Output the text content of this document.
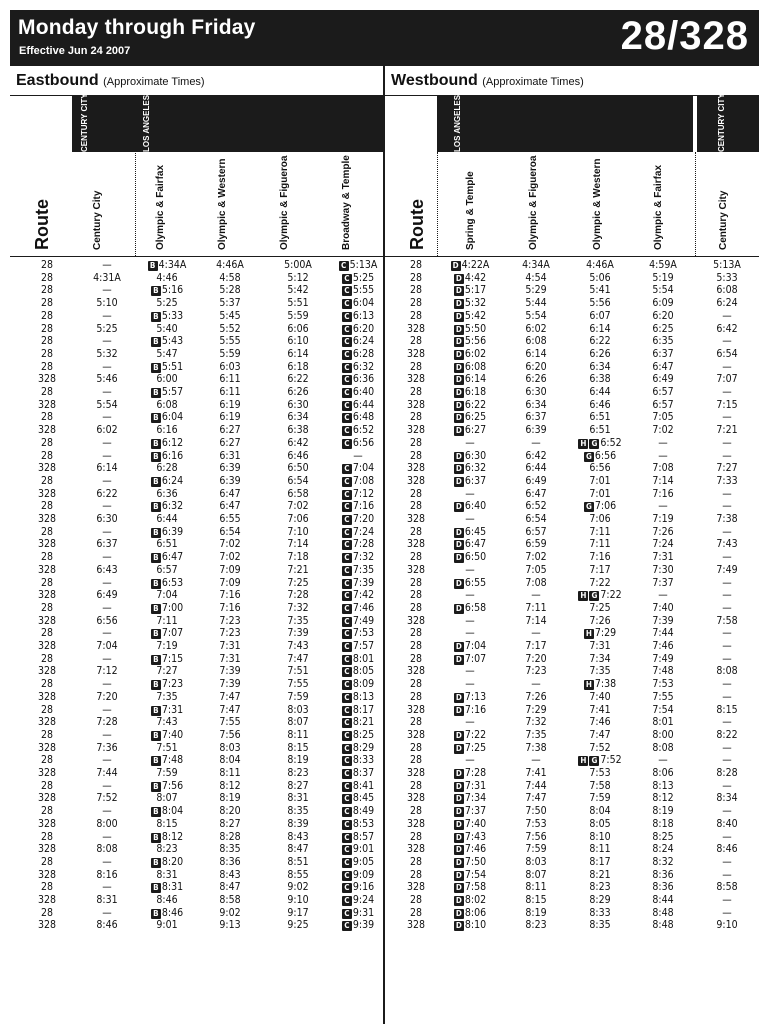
Monday through Friday
Effective Jun 24 2007	28/328
Eastbound (Approximate Times)	Westbound (Approximate Times)
Route
CENTURY CITY	LOS ANGELES
Century City	Olympic & Fairfax	Olympic & Western	Olympic & Figueroa	Broadway & Temple	Route
LOS ANGELES	CENTURY CITY
Spring & Temple	Olympic & Figueroa	Olympic & Western	Olympic & Fairfax	Century City
28	—	B 4:34A	4:46A	5:00A	C 5:13A
28	4:31A	4:46	4:58	5:12	C 5:25
28	—	B 5:16	5:28	5:42	C 5:55
28	5:10	5:25	5:37	5:51	C 6:04
28	—	B 5:33	5:45	5:59	C 6:13
28	5:25	5:40	5:52	6:06	C 6:20
28	—	B 5:43	5:55	6:10	C 6:24
28	5:32	5:47	5:59	6:14	C 6:28
28	—	B 5:51	6:03	6:18	C 6:32
328	5:46	6:00	6:11	6:22	C 6:36
28	—	B 5:57	6:11	6:26	C 6:40
328	5:54	6:08	6:19	6:30	C 6:44
28	—	B 6:04	6:19	6:34	C 6:48
328	6:02	6:16	6:27	6:38	C 6:52
28	—	B 6:12	6:27	6:42	C 6:56
28	—	B 6:16	6:31	6:46	—
328	6:14	6:28	6:39	6:50	C 7:04
28	—	B 6:24	6:39	6:54	C 7:08
328	6:22	6:36	6:47	6:58	C 7:12
28	—	B 6:32	6:47	7:02	C 7:16
328	6:30	6:44	6:55	7:06	C 7:20
28	—	B 6:39	6:54	7:10	C 7:24
328	6:37	6:51	7:02	7:14	C 7:28
28	—	B 6:47	7:02	7:18	C 7:32
328	6:43	6:57	7:09	7:21	C 7:35
28	—	B 6:53	7:09	7:25	C 7:39
328	6:49	7:04	7:16	7:28	C 7:42
28	—	B 7:00	7:16	7:32	C 7:46
328	6:56	7:11	7:23	7:35	C 7:49
28	—	B 7:07	7:23	7:39	C 7:53
328	7:04	7:19	7:31	7:43	C 7:57
28	—	B 7:15	7:31	7:47	C 8:01
328	7:12	7:27	7:39	7:51	C 8:05
28	—	B 7:23	7:39	7:55	C 8:09
328	7:20	7:35	7:47	7:59	C 8:13
28	—	B 7:31	7:47	8:03	C 8:17
328	7:28	7:43	7:55	8:07	C 8:21
28	—	B 7:40	7:56	8:11	C 8:25
328	7:36	7:51	8:03	8:15	C 8:29
28	—	B 7:48	8:04	8:19	C 8:33
328	7:44	7:59	8:11	8:23	C 8:37
28	—	B 7:56	8:12	8:27	C 8:41
328	7:52	8:07	8:19	8:31	C 8:45
28	—	B 8:04	8:20	8:35	C 8:49
328	8:00	8:15	8:27	8:39	C 8:53
28	—	B 8:12	8:28	8:43	C 8:57
328	8:08	8:23	8:35	8:47	C 9:01
28	—	B 8:20	8:36	8:51	C 9:05
328	8:16	8:31	8:43	8:55	C 9:09
28	—	B 8:31	8:47	9:02	C 9:16
328	8:31	8:46	8:58	9:10	C 9:24
28	—	B 8:46	9:02	9:17	C 9:31
328	8:46	9:01	9:13	9:25	C 9:39
28	D 4:22A	4:34A	4:46A	4:59A	5:13A
28	D 4:42	4:54	5:06	5:19	5:33
28	D 5:17	5:29	5:41	5:54	6:08
28	D 5:32	5:44	5:56	6:09	6:24
28	D 5:42	5:54	6:07	6:20	—
328	D 5:50	6:02	6:14	6:25	6:42
28	D 5:56	6:08	6:22	6:35	—
328	D 6:02	6:14	6:26	6:37	6:54
28	D 6:08	6:20	6:34	6:47	—
328	D 6:14	6:26	6:38	6:49	7:07
28	D 6:18	6:30	6:44	6:57	—
328	D 6:22	6:34	6:46	6:57	7:15
28	D 6:25	6:37	6:51	7:05	—
328	D 6:27	6:39	6:51	7:02	7:21
28	—	—	H G 6:52	—	—
28	D 6:30	6:42	G 6:56	—	—
328	D 6:32	6:44	6:56	7:08	7:27
328	D 6:37	6:49	7:01	7:14	7:33
28	—	6:47	7:01	7:16	—
28	D 6:40	6:52	G 7:06	—	—
328	—	6:54	7:06	7:19	7:38
28	D 6:45	6:57	7:11	7:26	—
328	D 6:47	6:59	7:11	7:24	7:43
28	D 6:50	7:02	7:16	7:31	—
328	—	7:05	7:17	7:30	7:49
28	D 6:55	7:08	7:22	7:37	—
28	—	—	H G 7:22	—	—
28	D 6:58	7:11	7:25	7:40	—
328	—	7:14	7:26	7:39	7:58
28	—	—	H 7:29	7:44	—
28	D 7:04	7:17	7:31	7:46	—
28	D 7:07	7:20	7:34	7:49	—
328	—	7:23	7:35	7:48	8:08
28	—	—	H 7:38	7:53	—
28	D 7:13	7:26	7:40	7:55	—
328	D 7:16	7:29	7:41	7:54	8:15
28	—	7:32	7:46	8:01	—
328	D 7:22	7:35	7:47	8:00	8:22
28	D 7:25	7:38	7:52	8:08	—
28	—	—	H G 7:52	—	—
328	D 7:28	7:41	7:53	8:06	8:28
28	D 7:31	7:44	7:58	8:13	—
328	D 7:34	7:47	7:59	8:12	8:34
28	D 7:37	7:50	8:04	8:19	—
328	D 7:40	7:53	8:05	8:18	8:40
28	D 7:43	7:56	8:10	8:25	—
328	D 7:46	7:59	8:11	8:24	8:46
28	D 7:50	8:03	8:17	8:32	—
28	D 7:54	8:07	8:21	8:36	—
328	D 7:58	8:11	8:23	8:36	8:58
28	D 8:02	8:15	8:29	8:44	—
28	D 8:06	8:19	8:33	8:48	—
328	D 8:10	8:23	8:35	8:48	9:10
